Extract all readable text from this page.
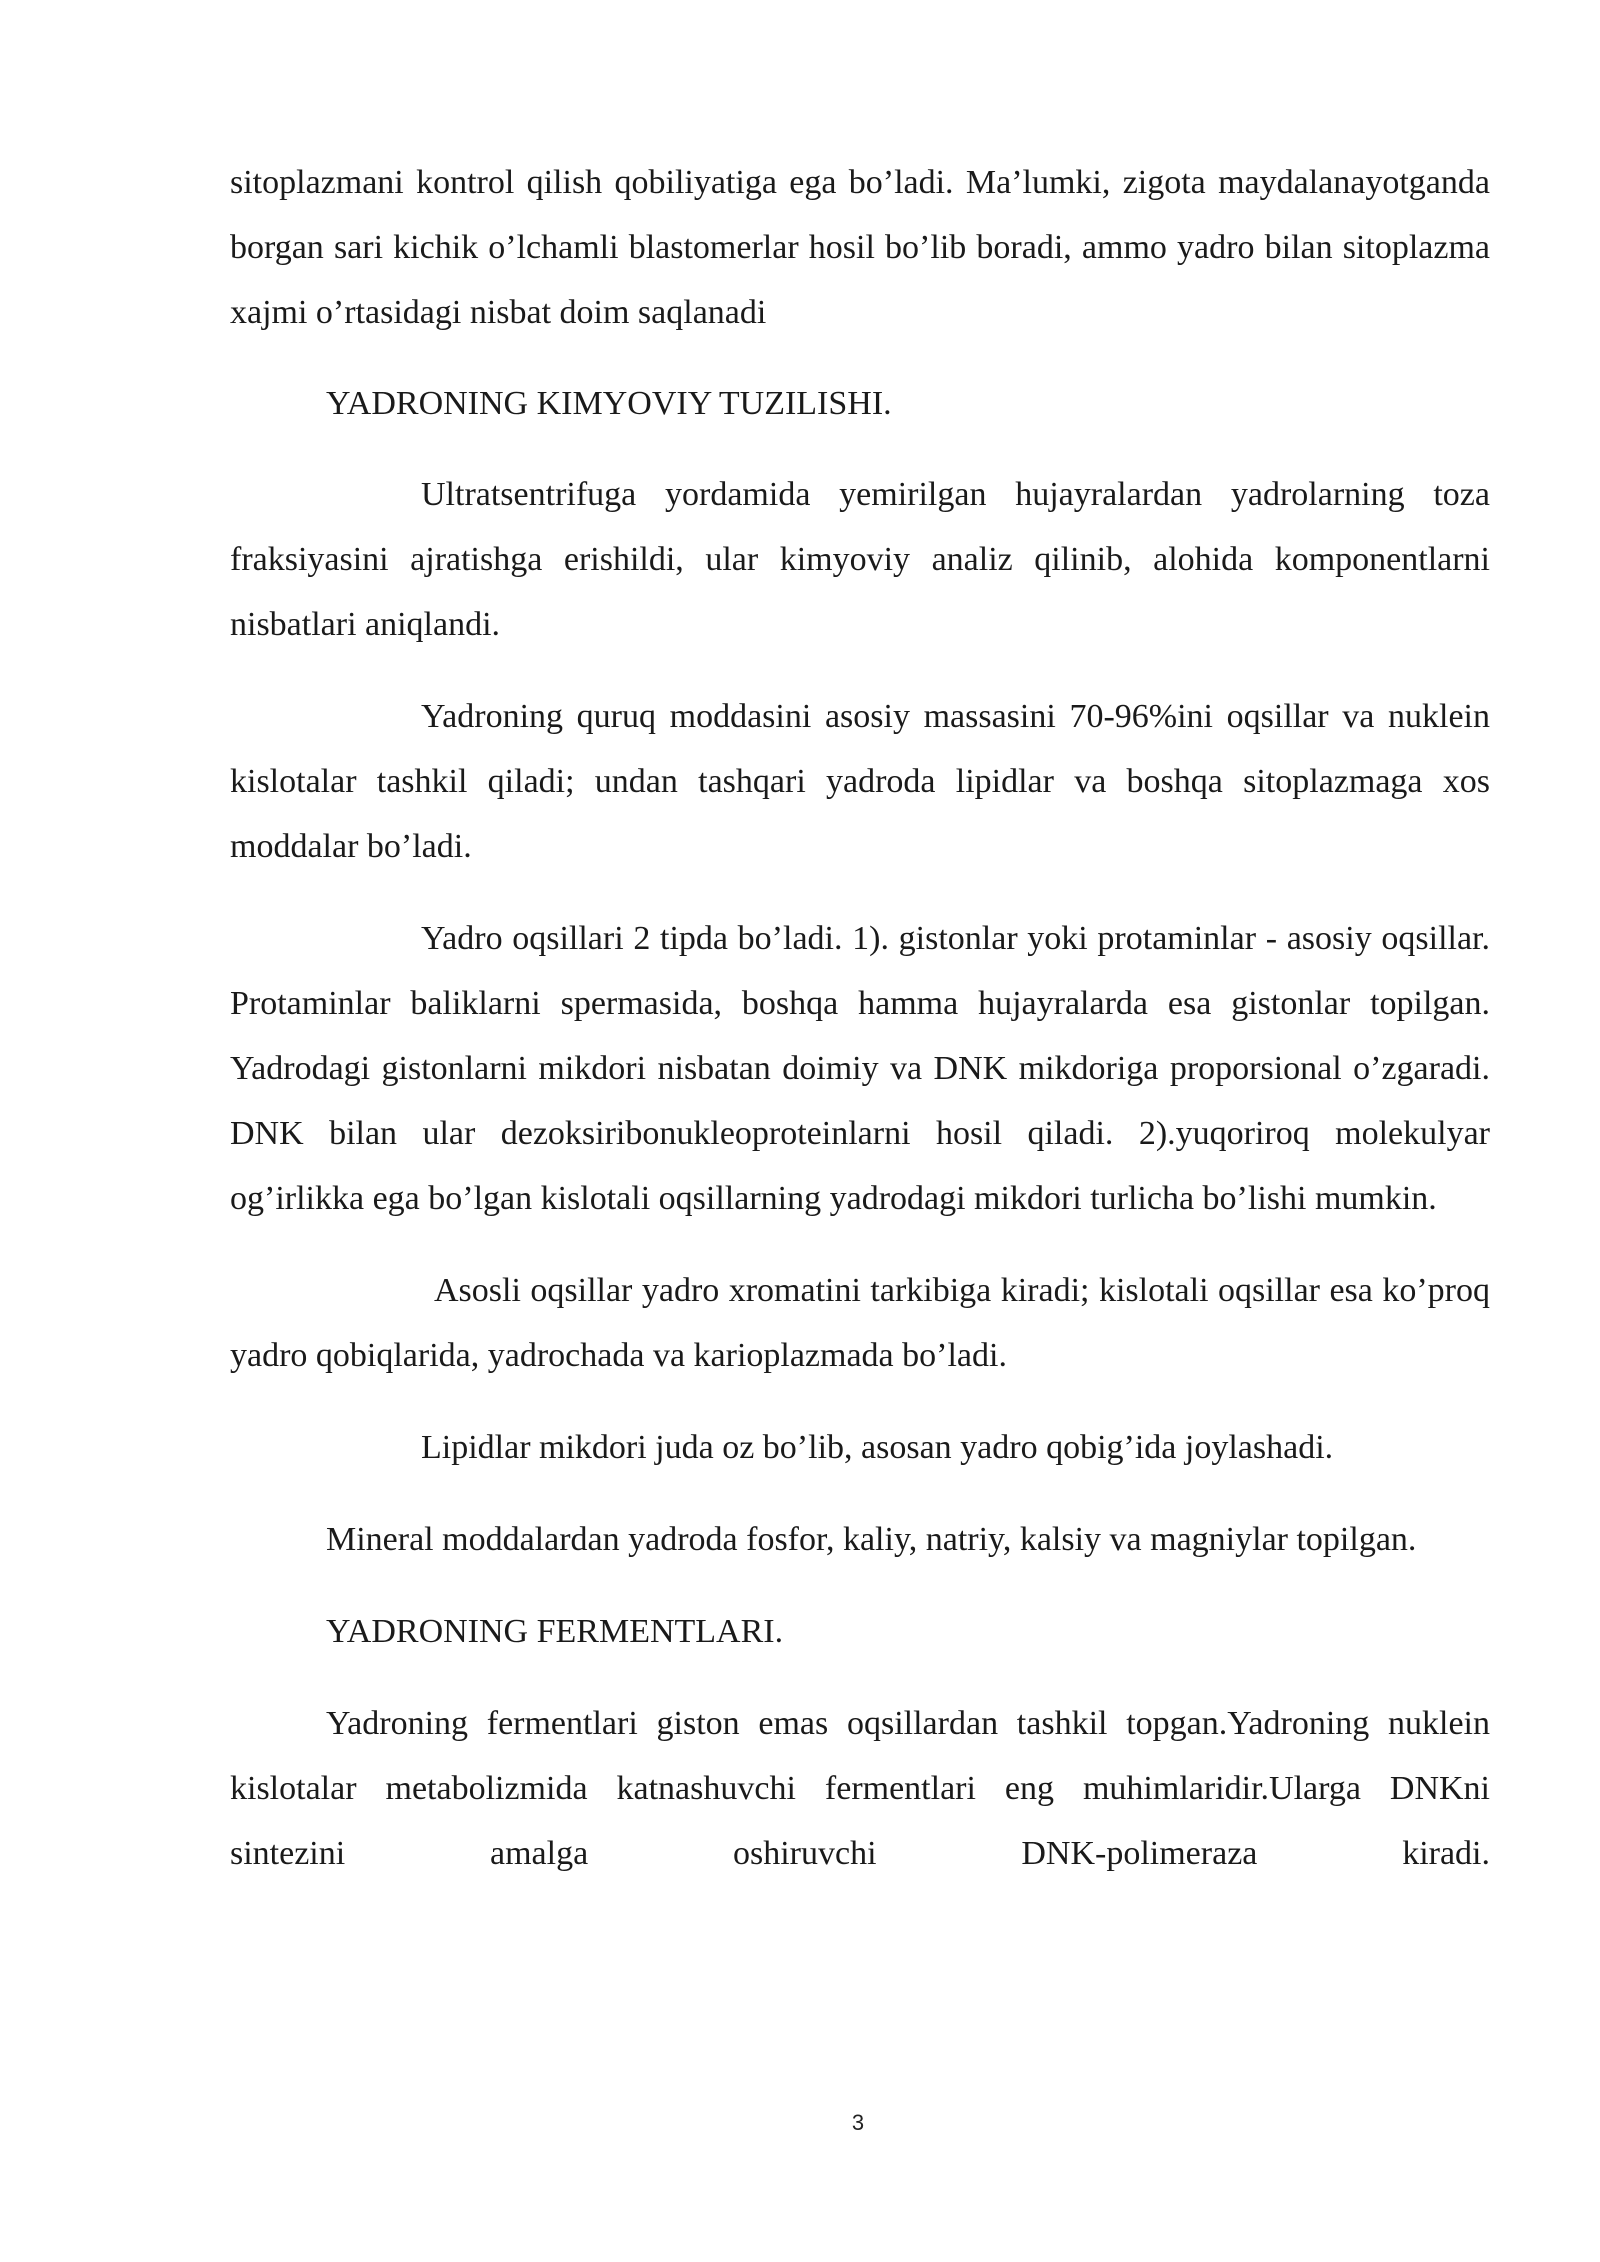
sitoplazmani kontrol qilish qobiliyatiga ega bo’ladi. Ma’lumki, zigota maydalanayotganda borgan sari kichik o’lchamli blastomerlar hosil bo’lib boradi, ammo yadro bilan sitoplazma xajmi o’rtasidagi nisbat doim saqlanadi

YADRONING KIMYOVIY TUZILISHI.

Ultratsentrifuga yordamida yemirilgan hujayralardan yadrolarning toza fraksiyasini ajratishga erishildi, ular kimyoviy analiz qilinib, alohida komponentlarni nisbatlari aniqlandi.

Yadroning quruq moddasini asosiy massasini 70-96%ini oqsillar va nuklein kislotalar tashkil qiladi; undan tashqari yadroda lipidlar va boshqa sitoplazmaga xos moddalar bo’ladi.

Yadro oqsillari 2 tipda bo’ladi. 1). gistonlar yoki protaminlar - asosiy oqsillar. Protaminlar baliklarni spermasida, boshqa hamma hujayralarda esa gistonlar topilgan. Yadrodagi gistonlarni mikdori nisbatan doimiy va DNK mikdoriga proporsional o’zgaradi. DNK bilan ular dezoksiribonukleoproteinlarni hosil qiladi. 2).yuqoriroq molekulyar og’irlikka ega bo’lgan kislotali oqsillarning yadrodagi mikdori turlicha bo’lishi mumkin.

Asosli oqsillar yadro xromatini tarkibiga kiradi; kislotali oqsillar esa ko’proq yadro qobiqlarida, yadrochada va karioplazmada bo’ladi.

Lipidlar mikdori juda oz bo’lib, asosan yadro qobig’ida joylashadi.

Mineral moddalardan yadroda fosfor, kaliy, natriy, kalsiy va magniylar topilgan.

YADRONING FERMENTLARI.

Yadroning fermentlari giston emas oqsillardan tashkil topgan.Yadroning nuklein kislotalar metabolizmida katnashuvchi fermentlari eng muhimlaridir.Ularga DNKni sintezini amalga oshiruvchi DNK-polimeraza kiradi.

3
